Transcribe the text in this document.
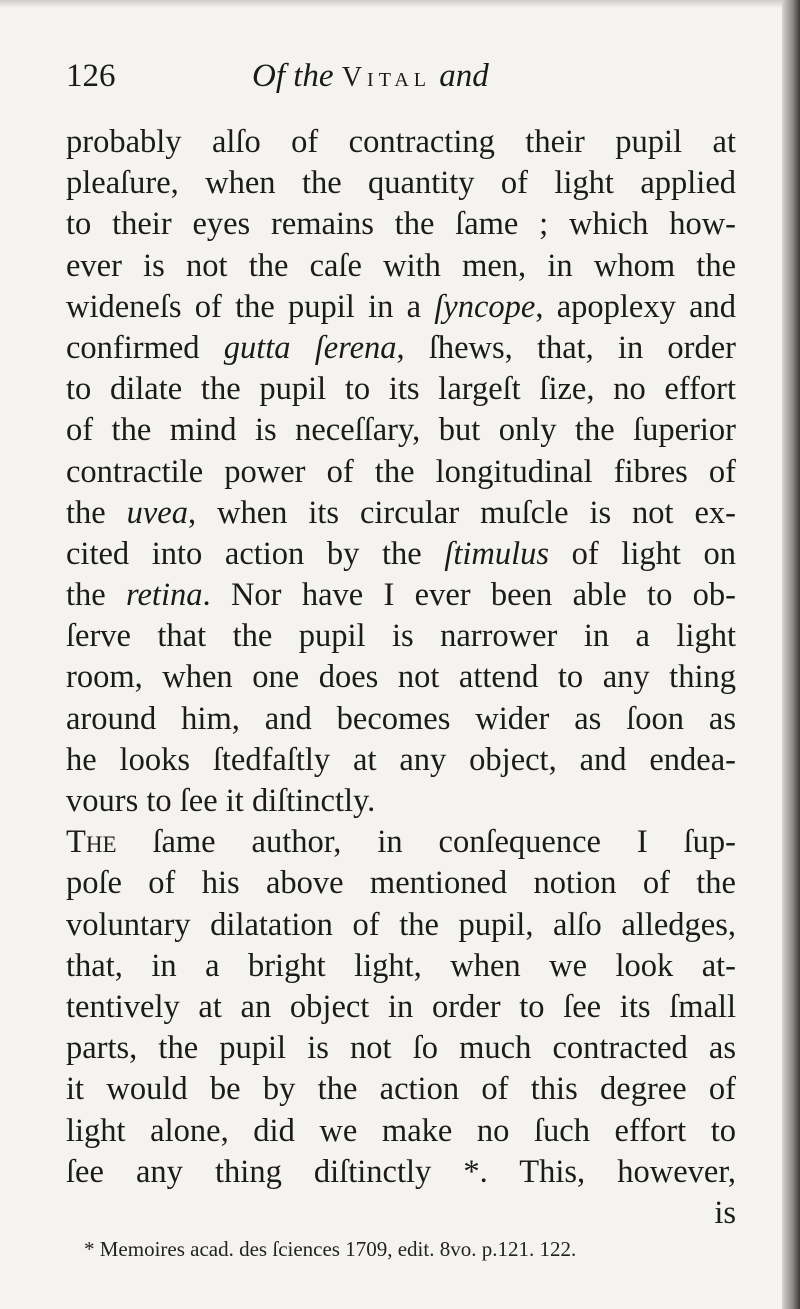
126	Of the Vital and
probably alſo of contracting their pupil at
pleaſure, when the quantity of light applied
to their eyes remains the ſame ; which how-
ever is not the caſe with men, in whom the
wideneſs of the pupil in a ſyncope, apoplexy and
confirmed gutta ſerena, ſhews, that, in order
to dilate the pupil to its largeſt ſize, no effort
of the mind is neceſſary, but only the ſuperior
contractile power of the longitudinal fibres of
the uvea, when its circular muſcle is not ex-
cited into action by the ſtimulus of light on
the retina. Nor have I ever been able to ob-
ſerve that the pupil is narrower in a light
room, when one does not attend to any thing
around him, and becomes wider as ſoon as
he looks ſtedfaſtly at any object, and endea-
vours to ſee it diſtinctly.
The ſame author, in conſequence I ſup-
poſe of his above mentioned notion of the
voluntary dilatation of the pupil, alſo alledges,
that, in a bright light, when we look at-
tentively at an object in order to ſee its ſmall
parts, the pupil is not ſo much contracted as
it would be by the action of this degree of
light alone, did we make no ſuch effort to
ſee any thing diſtinctly *. This, however,
is
* Memoires acad. des ſciences 1709, edit. 8vo. p.121. 122.
